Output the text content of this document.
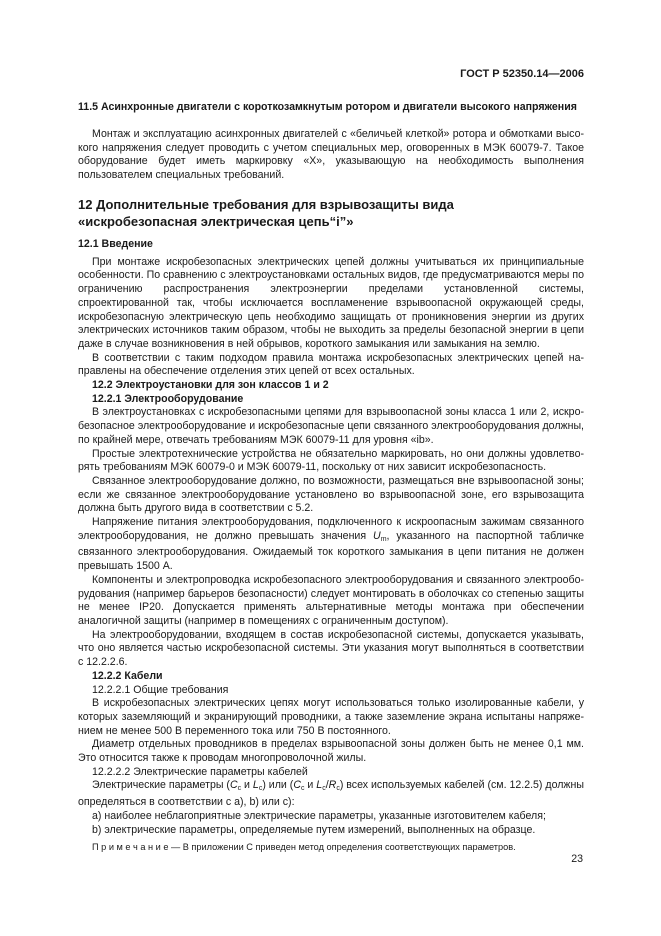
ГОСТ Р 52350.14—2006
11.5 Асинхронные двигатели с короткозамкнутым ротором и двигатели высокого напряжения

Монтаж и эксплуатацию асинхронных двигателей с «беличьей клеткой» ротора и обмотками высокого напряжения следует проводить с учетом специальных мер, оговоренных в МЭК 60079-7. Такое оборудование будет иметь маркировку «X», указывающую на необходимость выполнения пользователем специальных требований.

12 Дополнительные требования для взрывозащиты вида
«искробезопасная электрическая цепь“i”»
12.1 Введение

При монтаже искробезопасных электрических цепей должны учитываться их принципиальные особенности. По сравнению с электроустановками остальных видов, где предусматриваются меры по ограничению распространения электроэнергии пределами установленной системы, спроектированной так, чтобы исключается воспламенение взрывоопасной окружающей среды, искробезопасную электрическую цепь необходимо защищать от проникновения энергии из других электрических источников таким образом, чтобы не выходить за пределы безопасной энергии в цепи даже в случае возникновения в ней обрывов, короткого замыкания или замыкания на землю.

В соответствии с таким подходом правила монтажа искробезопасных электрических цепей направлены на обеспечение отделения этих цепей от всех остальных.

12.2 Электроустановки для зон классов 1 и 2

12.2.1 Электрооборудование

В электроустановках с искробезопасными цепями для взрывоопасной зоны класса 1 или 2, искробезопасное электрооборудование и искробезопасные цепи связанного электрооборудования должны, по крайней мере, отвечать требованиям МЭК 60079-11 для уровня «ib».

Простые электротехнические устройства не обязательно маркировать, но они должны удовлетворять требованиям МЭК 60079-0 и МЭК 60079-11, поскольку от них зависит искробезопасность.

Связанное электрооборудование должно, по возможности, размещаться вне взрывоопасной зоны; если же связанное электрооборудование установлено во взрывоопасной зоне, его взрывозащита должна быть другого вида в соответствии с 5.2.

Напряжение питания электрооборудования, подключенного к искроопасным зажимам связанного электрооборудования, не должно превышать значения $U_m$, указанного на паспортной табличке связанного электрооборудования. Ожидаемый ток короткого замыкания в цепи питания не должен превышать 1500 А.

Компоненты и электропроводка искробезопасного электрооборудования и связанного электрооборудования (например барьеров безопасности) следует монтировать в оболочках со степенью защиты не менее IP20. Допускается применять альтернативные методы монтажа при обеспечении аналогичной защиты (например в помещениях с ограниченным доступом).

На электрооборудовании, входящем в состав искробезопасной системы, допускается указывать, что оно является частью искробезопасной системы. Эти указания могут выполняться в соответствии с 12.2.2.6.

12.2.2 Кабели

12.2.2.1 Общие требования

В искробезопасных электрических цепях могут использоваться только изолированные кабели, у которых заземляющий и экранирующий проводники, а также заземление экрана испытаны напряжением не менее 500 В переменного тока или 750 В постоянного.

Диаметр отдельных проводников в пределах взрывоопасной зоны должен быть не менее 0,1 мм. Это относится также к проводам многопроволочной жилы.

12.2.2.2 Электрические параметры кабелей

Электрические параметры ($C_c$ и $L_c$) или ($C_c$ и $L_c/R_c$) всех используемых кабелей (см. 12.2.5) должны определяться в соответствии с a), b) или c):

a) наиболее неблагоприятные электрические параметры, указанные изготовителем кабеля;

b) электрические параметры, определяемые путем измерений, выполненных на образце.

П р и м е ч а н и е — В приложении С приведен метод определения соответствующих параметров.

23
